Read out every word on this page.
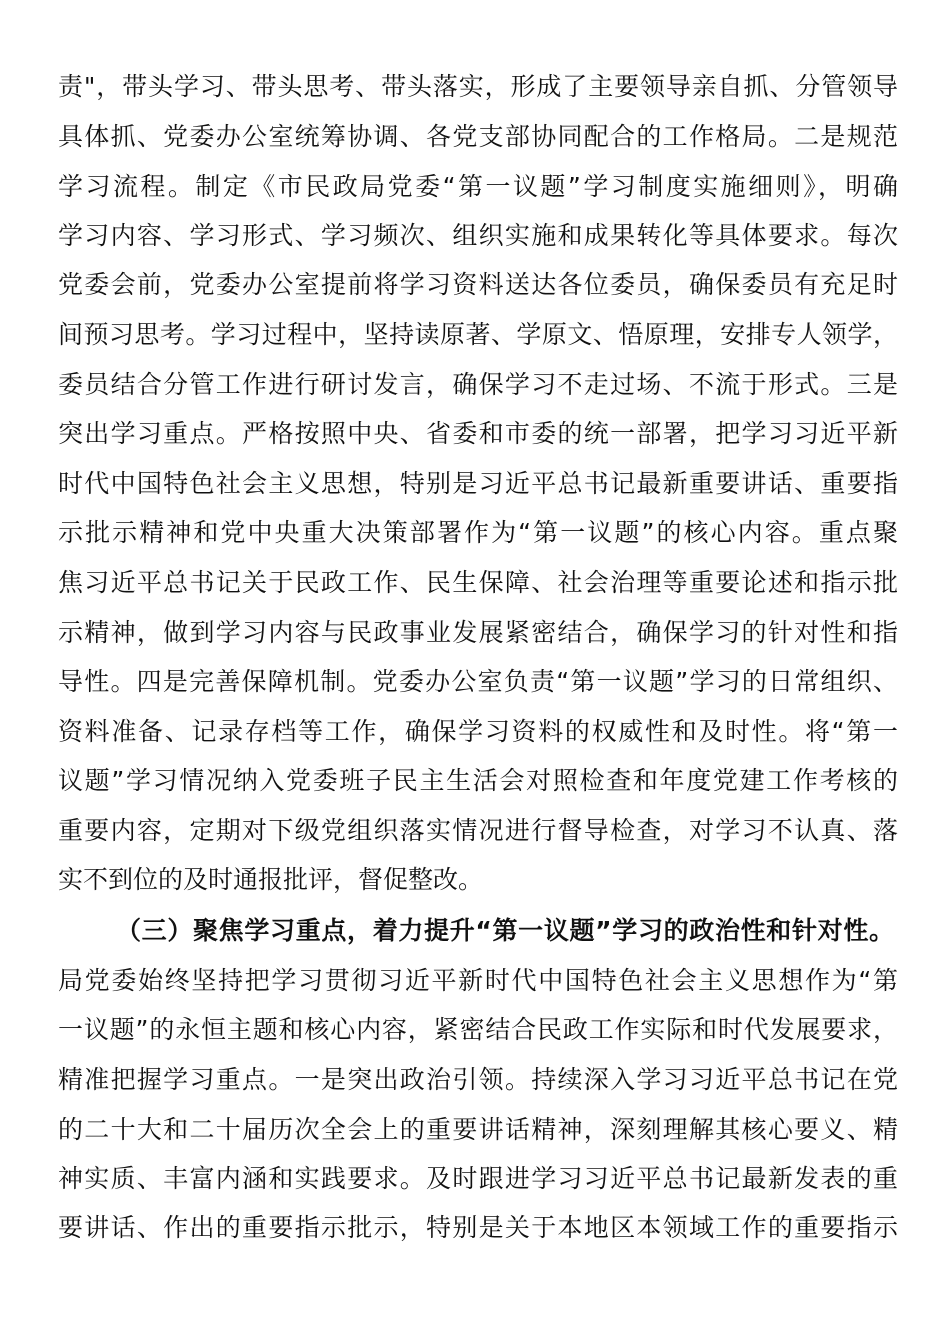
责"，带头学习、带头思考、带头落实，形成了主要领导亲自抓、分管领导
具体抓、党委办公室统筹协调、各党支部协同配合的工作格局。二是规范
学习流程。制定《市民政局党委“第一议题”学习制度实施细则》，明确
学习内容、学习形式、学习频次、组织实施和成果转化等具体要求。每次
党委会前，党委办公室提前将学习资料送达各位委员，确保委员有充足时
间预习思考。学习过程中，坚持读原著、学原文、悟原理，安排专人领学，
委员结合分管工作进行研讨发言，确保学习不走过场、不流于形式。三是
突出学习重点。严格按照中央、省委和市委的统一部署，把学习习近平新
时代中国特色社会主义思想，特别是习近平总书记最新重要讲话、重要指
示批示精神和党中央重大决策部署作为“第一议题”的核心内容。重点聚
焦习近平总书记关于民政工作、民生保障、社会治理等重要论述和指示批
示精神，做到学习内容与民政事业发展紧密结合，确保学习的针对性和指
导性。四是完善保障机制。党委办公室负责“第一议题”学习的日常组织、
资料准备、记录存档等工作，确保学习资料的权威性和及时性。将“第一
议题”学习情况纳入党委班子民主生活会对照检查和年度党建工作考核的
重要内容，定期对下级党组织落实情况进行督导检查，对学习不认真、落
实不到位的及时通报批评，督促整改。
（三）聚焦学习重点，着力提升“第一议题”学习的政治性和针对性。
局党委始终坚持把学习贯彻习近平新时代中国特色社会主义思想作为“第
一议题”的永恒主题和核心内容，紧密结合民政工作实际和时代发展要求，
精准把握学习重点。一是突出政治引领。持续深入学习习近平总书记在党
的二十大和二十届历次全会上的重要讲话精神，深刻理解其核心要义、精
神实质、丰富内涵和实践要求。及时跟进学习习近平总书记最新发表的重
要讲话、作出的重要指示批示，特别是关于本地区本领域工作的重要指示
